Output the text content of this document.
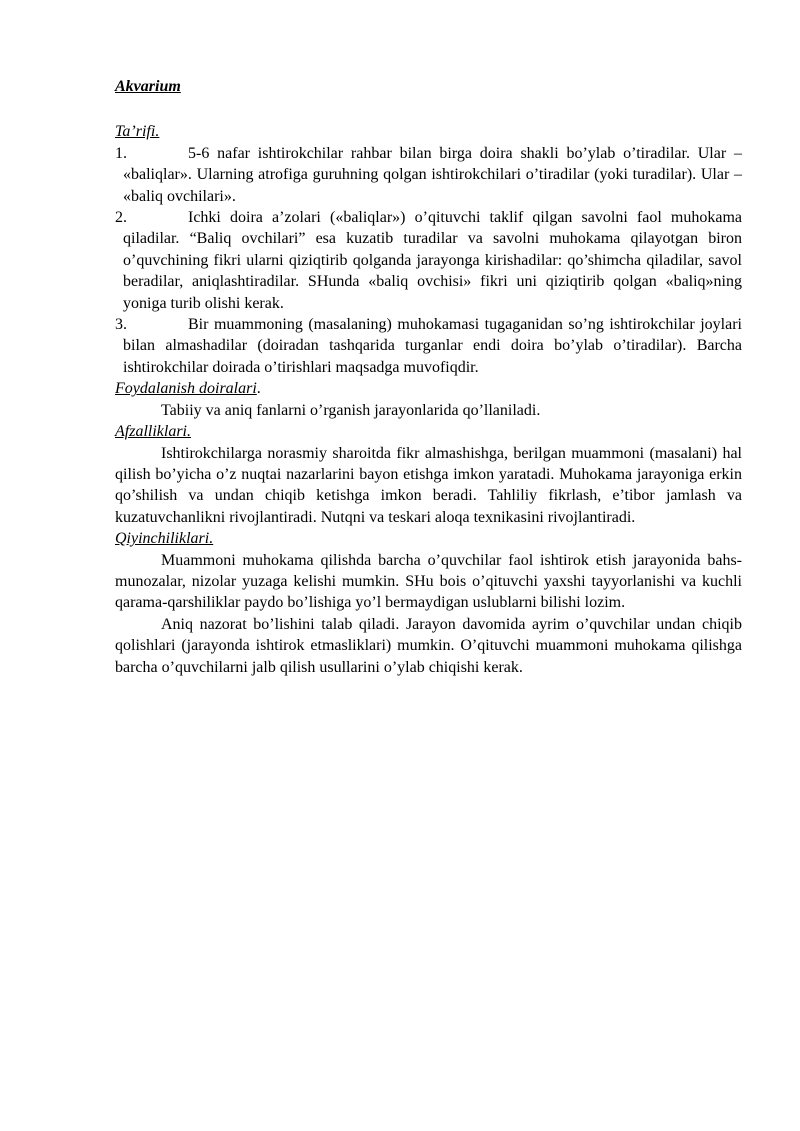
Akvarium

Ta’rifi.

1.	5-6 nafar ishtirokchilar rahbar bilan birga doira shakli bo’ylab o’tiradilar. Ular – «baliqlar». Ularning atrofiga guruhning qolgan ishtirokchilari o’tiradilar (yoki turadilar). Ular – «baliq ovchilari».
2.	Ichki doira a’zolari («baliqlar») o’qituvchi taklif qilgan savolni faol muhokama qiladilar. “Baliq ovchilari” esa kuzatib turadilar va savolni muhokama qilayotgan biron o’quvchining fikri ularni qiziqtirib qolganda jarayonga kirishadilar: qo’shimcha qiladilar, savol beradilar, aniqlashtiradilar. SHunda «baliq ovchisi» fikri uni qiziqtirib qolgan «baliq»ning yoniga turib olishi kerak.
3.	Bir muammoning (masalaning) muhokamasi tugaganidan so’ng ishtirokchilar joylari bilan almashadilar (doiradan tashqarida turganlar endi doira bo’ylab o’tiradilar). Barcha ishtirokchilar doirada o’tirishlari maqsadga muvofiqdir.

Foydalanish doiralari.

Tabiiy va aniq fanlarni o’rganish jarayonlarida qo’llaniladi.

Afzalliklari.

Ishtirokchilarga norasmiy sharoitda fikr almashishga, berilgan muammoni (masalani) hal qilish bo’yicha o’z nuqtai nazarlarini bayon etishga imkon yaratadi. Muhokama jarayoniga erkin qo’shilish va undan chiqib ketishga imkon beradi. Tahliliy fikrlash, e’tibor jamlash va kuzatuvchanlikni rivojlantiradi. Nutqni va teskari aloqa texnikasini rivojlantiradi.

Qiyinchiliklari.

Muammoni muhokama qilishda barcha o’quvchilar faol ishtirok etish jarayonida bahs-munozalar, nizolar yuzaga kelishi mumkin. SHu bois o’qituvchi yaxshi tayyorlanishi va kuchli qarama-qarshiliklar paydo bo’lishiga yo’l bermaydigan uslublarni bilishi lozim.

Aniq nazorat bo’lishini talab qiladi. Jarayon davomida ayrim o’quvchilar undan chiqib qolishlari (jarayonda ishtirok etmasliklari) mumkin. O’qituvchi muammoni muhokama qilishga barcha o’quvchilarni jalb qilish usullarini o’ylab chiqishi kerak.
